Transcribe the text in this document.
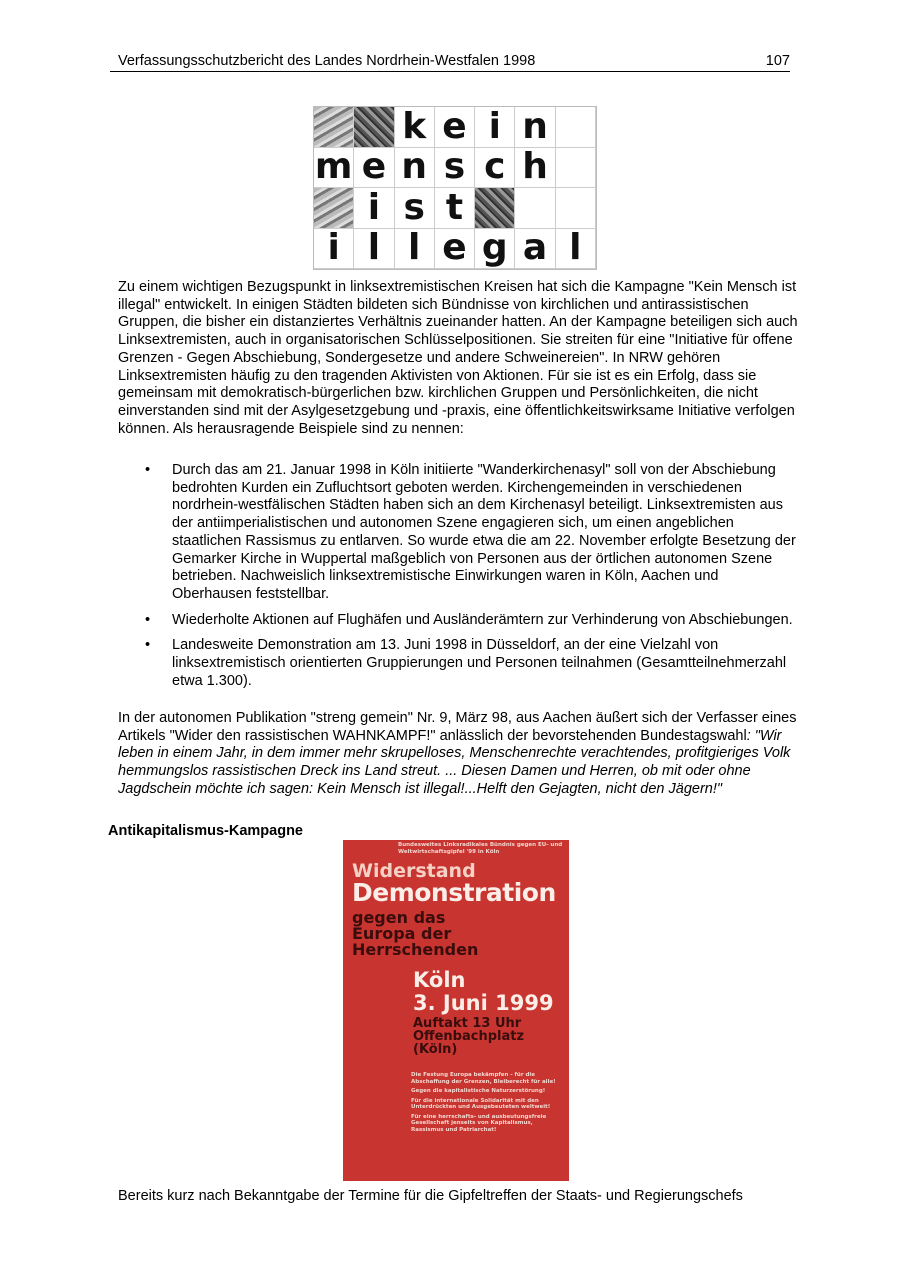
Verfassungsschutzbericht des Landes Nordrhein-Westfalen 1998	107
k e i n
m e n s c h
i s t
i l l e g a l
Zu einem wichtigen Bezugspunkt in linksextremistischen Kreisen hat sich die Kampagne "Kein Mensch ist illegal" entwickelt. In einigen Städten bildeten sich Bündnisse von kirchlichen und antirassistischen Gruppen, die bisher ein distanziertes Verhältnis zueinander hatten. An der Kampagne beteiligen sich auch Linksextremisten, auch in organisatorischen Schlüsselpositionen. Sie streiten für eine "Initiative für offene Grenzen - Gegen Abschiebung, Sondergesetze und andere Schweinereien". In NRW gehören Linksextremisten häufig zu den tragenden Aktivisten von Aktionen. Für sie ist es ein Erfolg, dass sie gemeinsam mit demokratisch-bürgerlichen bzw. kirchlichen Gruppen und Persönlichkeiten, die nicht einverstanden sind mit der Asylgesetzgebung und -praxis, eine öffentlichkeitswirksame Initiative verfolgen können. Als herausragende Beispiele sind zu nennen:
• Durch das am 21. Januar 1998 in Köln initiierte "Wanderkirchenasyl" soll von der Abschiebung bedrohten Kurden ein Zufluchtsort geboten werden. Kirchengemeinden in verschiedenen nordrhein-westfälischen Städten haben sich an dem Kirchenasyl beteiligt. Linksextremisten aus der antiimperialistischen und autonomen Szene engagieren sich, um einen angeblichen staatlichen Rassismus zu entlarven. So wurde etwa die am 22. November erfolgte Besetzung der Gemarker Kirche in Wuppertal maßgeblich von Personen aus der örtlichen autonomen Szene betrieben. Nachweislich linksextremistische Einwirkungen waren in Köln, Aachen und Oberhausen feststellbar.
• Wiederholte Aktionen auf Flughäfen und Ausländerämtern zur Verhinderung von Abschiebungen.
• Landesweite Demonstration am 13. Juni 1998 in Düsseldorf, an der eine Vielzahl von linksextremistisch orientierten Gruppierungen und Personen teilnahmen (Gesamtteilnehmerzahl etwa 1.300).
In der autonomen Publikation "streng gemein" Nr. 9, März 98, aus Aachen äußert sich der Verfasser eines Artikels "Wider den rassistischen WAHNKAMPF!" anlässlich der bevorstehenden Bundestagswahl: "Wir leben in einem Jahr, in dem immer mehr skrupelloses, Menschenrechte verachtendes, profitgieriges Volk hemmungslos rassistischen Dreck ins Land streut. ... Diesen Damen und Herren, ob mit oder ohne Jagdschein möchte ich sagen: Kein Mensch ist illegal!...Helft den Gejagten, nicht den Jägern!"
Antikapitalismus-Kampagne
Bundesweites Linksradikales Bündnis gegen EU- und Weltwirtschaftsgipfel '99 in Köln
Widerstand
Demonstration
gegen das
Europa der
Herrschenden
Köln
3. Juni 1999
Auftakt 13 Uhr
Offenbachplatz
(Köln)
Die Festung Europa bekämpfen - für die Abschaffung der Grenzen, Bleiberecht für alle!
Gegen die kapitalistische Naturzerstörung!
Für die internationale Solidarität mit den Unterdrückten und Ausgebeuteten weltweit!
Für eine herrschafts- und ausbeutungsfreie Gesellschaft jenseits von Kapitalismus, Rassismus und Patriarchat!
Bereits kurz nach Bekanntgabe der Termine für die Gipfeltreffen der Staats- und Regierungschefs
